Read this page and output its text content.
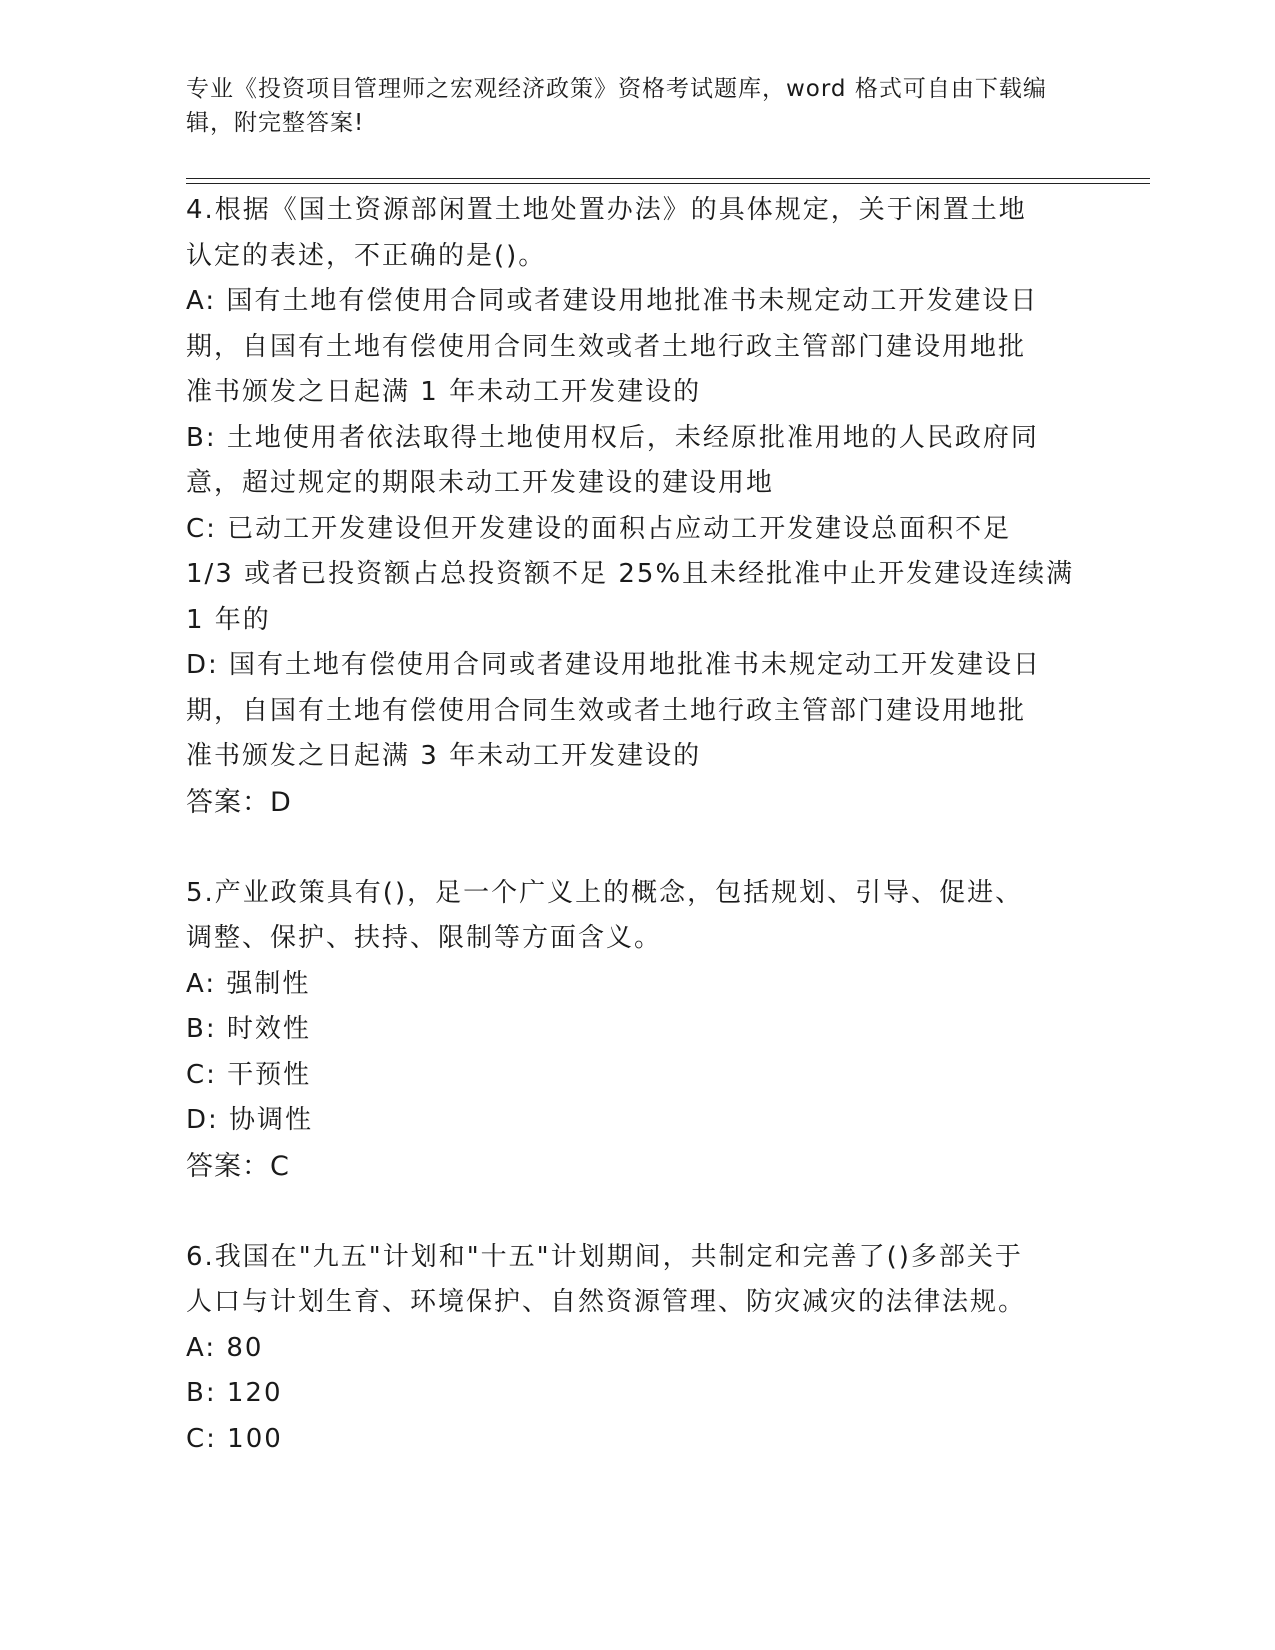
专业《投资项目管理师之宏观经济政策》资格考试题库，word 格式可自由下载编
辑，附完整答案!
4.根据《国土资源部闲置土地处置办法》的具体规定，关于闲置土地
认定的表述，不正确的是()。
A: 国有土地有偿使用合同或者建设用地批准书未规定动工开发建设日
期，自国有土地有偿使用合同生效或者土地行政主管部门建设用地批
准书颁发之日起满 1 年未动工开发建设的
B: 土地使用者依法取得土地使用权后，未经原批准用地的人民政府同
意，超过规定的期限未动工开发建设的建设用地
C: 已动工开发建设但开发建设的面积占应动工开发建设总面积不足
1/3 或者已投资额占总投资额不足 25%且未经批准中止开发建设连续满
1 年的
D: 国有土地有偿使用合同或者建设用地批准书未规定动工开发建设日
期，自国有土地有偿使用合同生效或者土地行政主管部门建设用地批
准书颁发之日起满 3 年未动工开发建设的
答案：D
5.产业政策具有()，足一个广义上的概念，包括规划、引导、促进、
调整、保护、扶持、限制等方面含义。
A: 强制性
B: 时效性
C: 干预性
D: 协调性
答案：C
6.我国在"九五"计划和"十五"计划期间，共制定和完善了()多部关于
人口与计划生育、环境保护、自然资源管理、防灾减灾的法律法规。
A: 80
B: 120
C: 100
